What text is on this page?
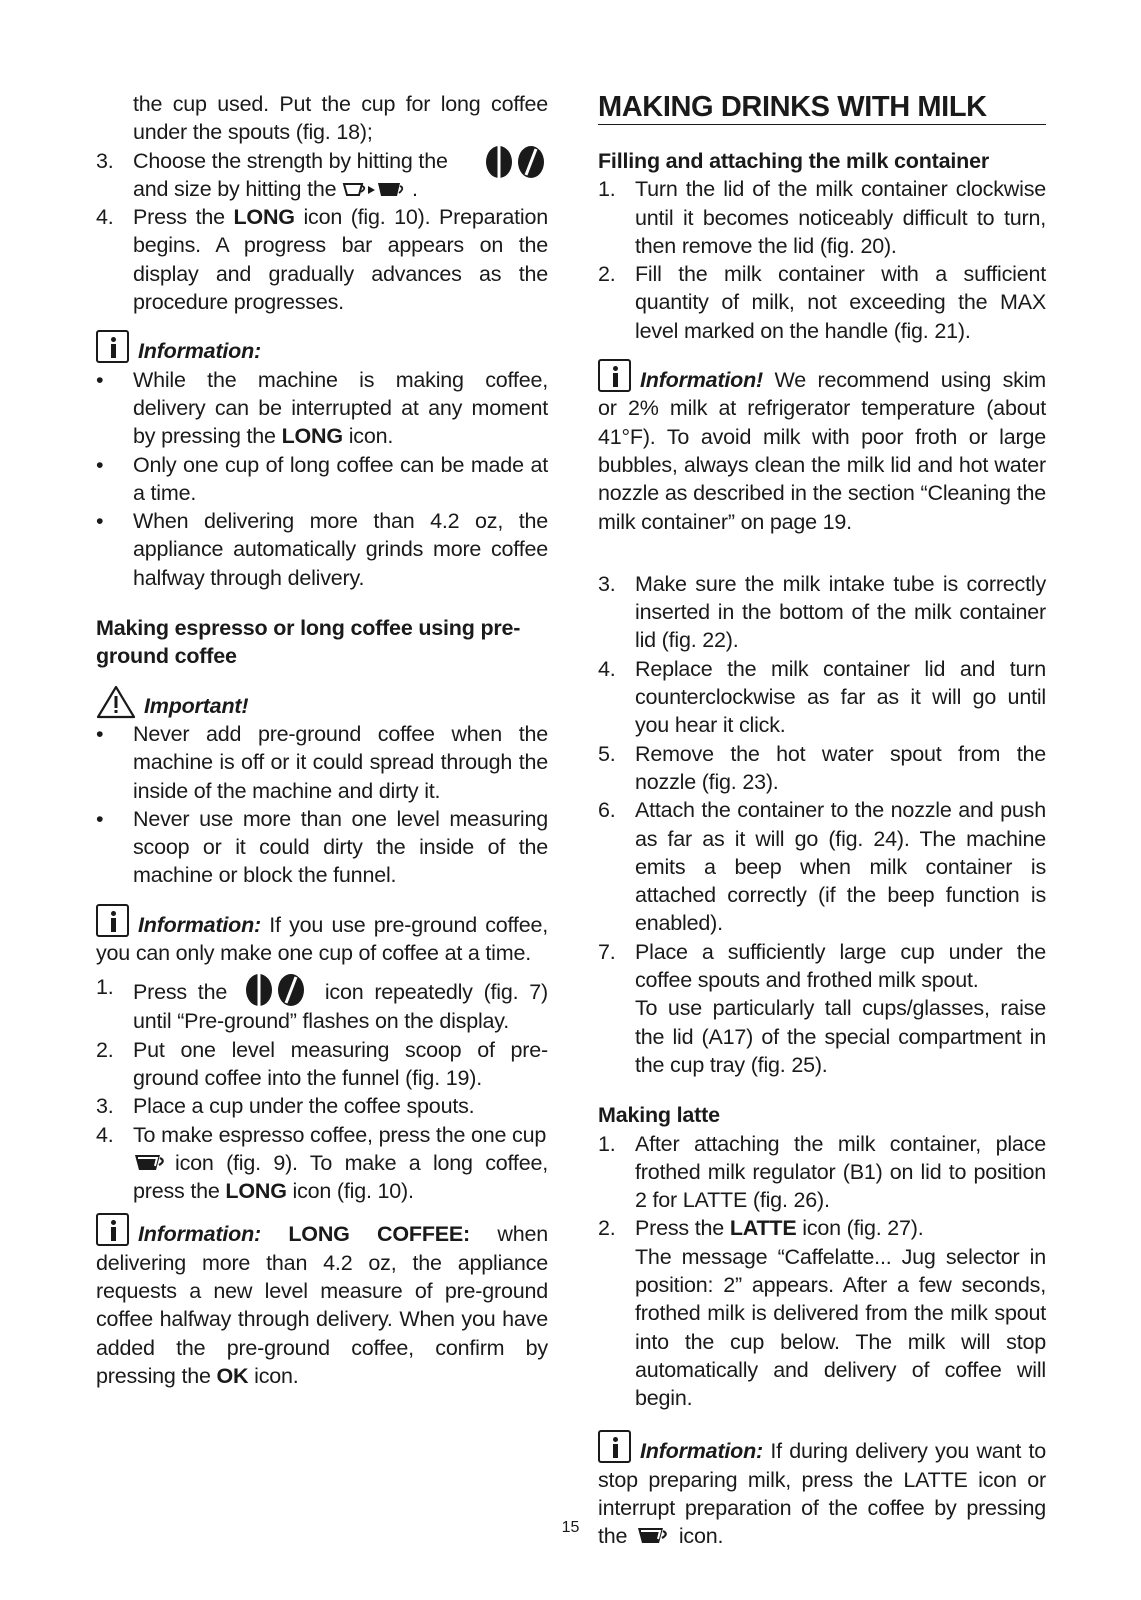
the cup used. Put the cup for long coffee under the spouts (fig. 18);
3. Choose the strength by hitting the

and size by hitting the	.
4. Press the LONG icon (fig. 10). Preparation begins. A progress bar appears on the display and gradually advances as the procedure progresses.

Information:

•	While the machine is making coffee, delivery can be interrupted at any moment by pressing the LONG icon.
•	Only one cup of long coffee can be made at a time.
•	When delivering more than 4.2 oz, the appliance automatically grinds more coffee halfway through delivery.

Making espresso or long coffee using pre-ground coffee

Important!

•	Never add pre-ground coffee when the machine is off or it could spread through the inside of the machine and dirty it.
•	Never use more than one level measuring scoop or it could dirty the inside of the machine or block the funnel.

Information: If you use pre-ground coffee, you can only make one cup of coffee at a time.

1. Press the	icon repeatedly (fig. 7) until “Pre-ground” flashes on the display.
2. Put one level measuring scoop of pre-ground coffee into the funnel (fig. 19).
3. Place a cup under the coffee spouts.
4. To make espresso coffee, press the one cup
icon (fig. 9). To make a long coffee, press the LONG icon (fig. 10).

Information: LONG COFFEE: when delivering more than 4.2 oz, the appliance requests a new level measure of pre-ground coffee halfway through delivery. When you have added the pre-ground coffee, confirm by pressing the OK icon.

MAKING DRINKS WITH MILK

Filling and attaching the milk container

1. Turn the lid of the milk container clockwise until it becomes noticeably difficult to turn, then remove the lid (fig. 20).
2. Fill the milk container with a sufficient quantity of milk, not exceeding the MAX level marked on the handle (fig. 21).

Information! We recommend using skim or 2% milk at refrigerator temperature (about 41°F). To avoid milk with poor froth or large bubbles, always clean the milk lid and hot water nozzle as described in the section “Cleaning the milk container” on page 19.

3. Make sure the milk intake tube is correctly inserted in the bottom of the milk container lid (fig. 22).
4. Replace the milk container lid and turn counterclockwise as far as it will go until you hear it click.
5. Remove the hot water spout from the nozzle (fig. 23).
6. Attach the container to the nozzle and push as far as it will go (fig. 24). The machine emits a beep when milk container is attached correctly (if the beep function is enabled).
7. Place a sufficiently large cup under the coffee spouts and frothed milk spout.
To use particularly tall cups/glasses, raise the lid (A17) of the special compartment in the cup tray (fig. 25).

Making latte

1. After attaching the milk container, place frothed milk regulator (B1) on lid to position 2 for LATTE (fig. 26).
2. Press the LATTE icon (fig. 27).
The message “Caffelatte... Jug selector in position: 2” appears. After a few seconds, frothed milk is delivered from the milk spout into the cup below. The milk will stop automatically and delivery of coffee will begin.

Information: If during delivery you want to stop preparing milk, press the LATTE icon or interrupt preparation of the coffee by pressing the icon.

15
